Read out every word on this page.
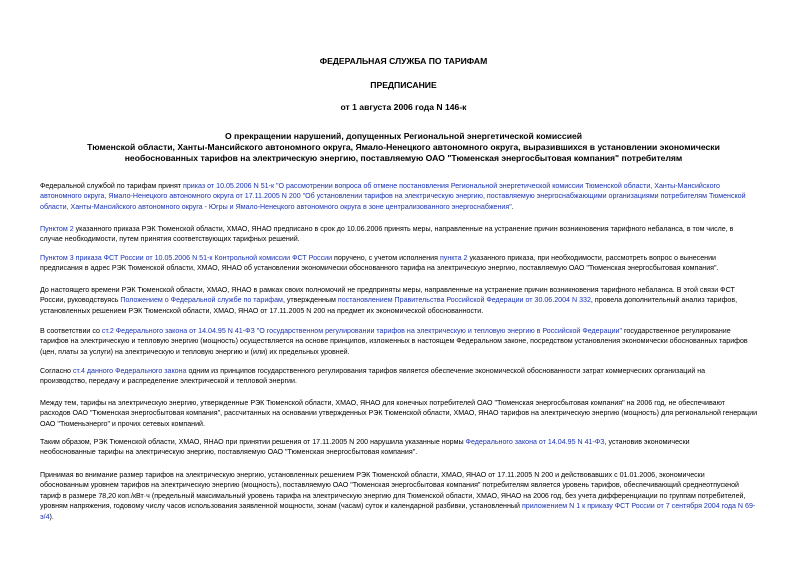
ФЕДЕРАЛЬНАЯ СЛУЖБА ПО ТАРИФАМ
ПРЕДПИСАНИЕ
от 1 августа 2006 года N 146-к
О прекращении нарушений, допущенных Региональной энергетической комиссией
Тюменской области, Ханты-Мансийского автономного округа, Ямало-Ненецкого автономного округа, выразившихся в установлении экономически
необоснованных тарифов на электрическую энергию, поставляемую ОАО "Тюменская энергосбытовая компания" потребителям
Федеральной службой по тарифам принят приказ от 10.05.2006 N 51-к "О рассмотрении вопроса об отмене постановления Региональной энергетической комиссии Тюменской области, Ханты-Мансийского
автономного округа, Ямало-Ненецкого автономного округа от 17.11.2005 N 200 "Об установлении тарифов на электрическую энергию, поставляемую энергоснабжающими организациями потребителям Тюменской
области, Ханты-Мансийского автономного округа - Югры и Ямало-Ненецкого автономного округа в зоне централизованного энергоснабжения".
Пунктом 2 указанного приказа РЭК Тюменской области, ХМАО, ЯНАО предписано в срок до 10.06.2006 принять меры, направленные на устранение причин возникновения тарифного небаланса, в том числе, в
случае необходимости, путем принятия соответствующих тарифных решений.
Пунктом 3 приказа ФСТ России от 10.05.2006 N 51-к Контрольной комиссии ФСТ России поручено, с учетом исполнения пункта 2 указанного приказа, при необходимости, рассмотреть вопрос о вынесении
предписания в адрес РЭК Тюменской области, ХМАО, ЯНАО об установлении экономически обоснованного тарифа на электрическую энергию, поставляемую ОАО "Тюменская энергосбытовая компания".
До настоящего времени РЭК Тюменской области, ХМАО, ЯНАО в рамках своих полномочий не предприняты меры, направленные на устранение причин возникновения тарифного небаланса. В этой связи ФСТ
России, руководствуясь Положением о Федеральной службе по тарифам, утвержденным постановлением Правительства Российской Федерации от 30.06.2004 N 332, провела дополнительный анализ тарифов,
установленных решением РЭК Тюменской области, ХМАО, ЯНАО от 17.11.2005 N 200 на предмет их экономической обоснованности.
В соответствии со ст.2 Федерального закона от 14.04.95 N 41-ФЗ "О государственном регулировании тарифов на электрическую и тепловую энергию в Российской Федерации" государственное регулирование
тарифов на электрическую и тепловую энергию (мощность) осуществляется на основе принципов, изложенных в настоящем Федеральном законе, посредством установления экономически обоснованных тарифов
(цен, платы за услуги) на электрическую и тепловую энергию и (или) их предельных уровней.
Согласно ст.4 данного Федерального закона одним из принципов государственного регулирования тарифов является обеспечение экономической обоснованности затрат коммерческих организаций на
производство, передачу и распределение электрической и тепловой энергии.
Между тем, тарифы на электрическую энергию, утвержденные РЭК Тюменской области, ХМАО, ЯНАО для конечных потребителей ОАО "Тюменская энергосбытовая компания" на 2006 год, не обеспечивают
расходов ОАО "Тюменская энергосбытовая компания", рассчитанных на основании утвержденных РЭК Тюменской области, ХМАО, ЯНАО тарифов на электрическую энергию (мощность) для региональной генерации
ОАО "Тюменьэнерго" и прочих сетевых компаний.
Таким образом, РЭК Тюменской области, ХМАО, ЯНАО при принятии решения от 17.11.2005 N 200 нарушила указанные нормы Федерального закона от 14.04.95 N 41-ФЗ, установив экономически
необоснованные тарифы на электрическую энергию, поставляемую ОАО "Тюменская энергосбытовая компания".
Принимая во внимание размер тарифов на электрическую энергию, установленных решением РЭК Тюменской области, ХМАО, ЯНАО от 17.11.2005 N 200 и действовавших с 01.01.2006, экономически
обоснованным уровнем тарифов на электрическую энергию (мощность), поставляемую ОАО "Тюменская энергосбытовая компания" потребителям является уровень тарифов, обеспечивающий среднеотпускной
тариф в размере 78,20 коп./кВт·ч (предельный максимальный уровень тарифа на электрическую энергию для Тюменской области, ХМАО, ЯНАО на 2006 год, без учета дифференциации по группам потребителей,
уровням напряжения, годовому числу часов использования заявленной мощности, зонам (часам) суток и календарной разбивки, установленный приложением N 1 к приказу ФСТ России от 7 сентября 2004 года N 69-
э/4).
